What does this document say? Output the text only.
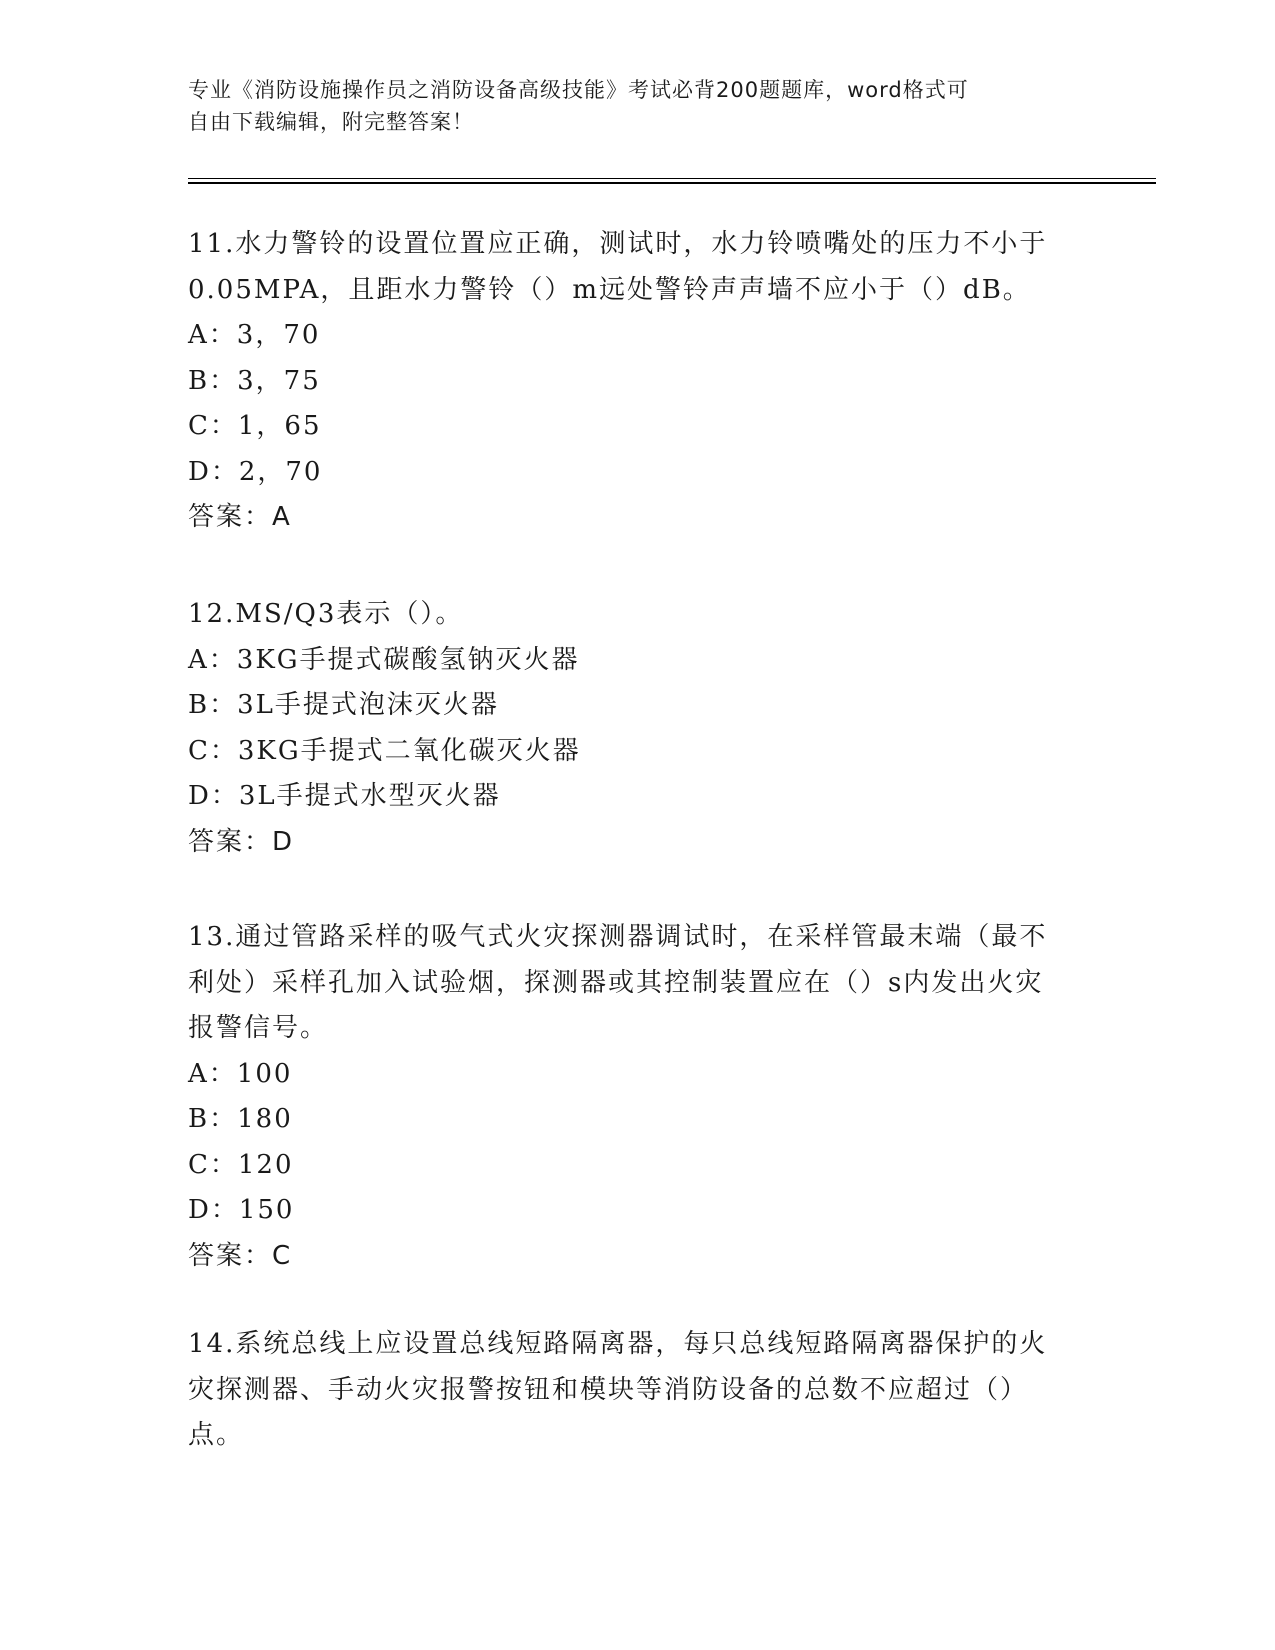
专业《消防设施操作员之消防设备高级技能》考试必背200题题库，word格式可
自由下载编辑，附完整答案！
11.水力警铃的设置位置应正确，测试时，水力铃喷嘴处的压力不小于
0.05MPA，且距水力警铃（）m远处警铃声声墙不应小于（）dB。
A：3，70
B：3，75
C：1，65
D：2，70
答案：A
12.MS/Q3表示（）。
A：3KG手提式碳酸氢钠灭火器
B：3L手提式泡沫灭火器
C：3KG手提式二氧化碳灭火器
D：3L手提式水型灭火器
答案：D
13.通过管路采样的吸气式火灾探测器调试时，在采样管最末端（最不
利处）采样孔加入试验烟，探测器或其控制装置应在（）s内发出火灾
报警信号。
A：100
B：180
C：120
D：150
答案：C
14.系统总线上应设置总线短路隔离器，每只总线短路隔离器保护的火
灾探测器、手动火灾报警按钮和模块等消防设备的总数不应超过（）
点。
